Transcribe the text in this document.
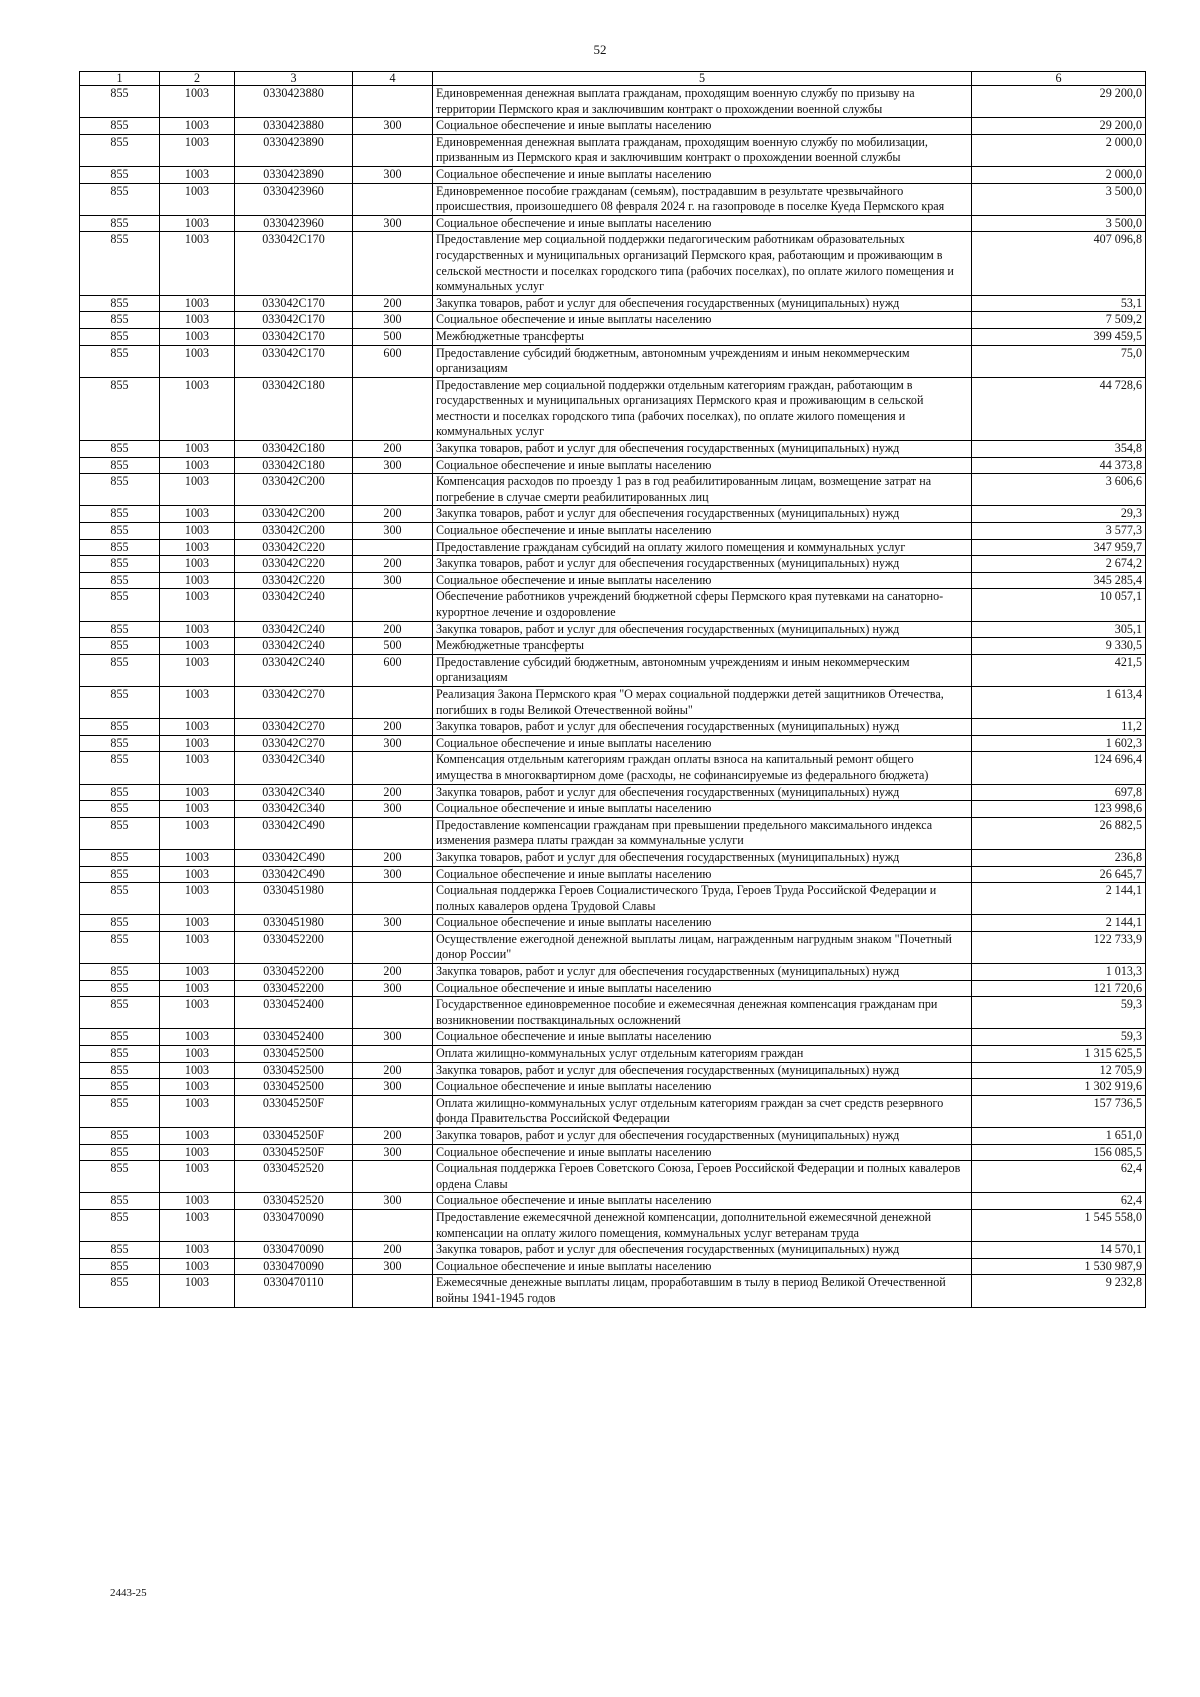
52
1	2	3	4	5	6
855	1003	0330423880		Единовременная денежная выплата гражданам, проходящим военную службу по призыву на территории Пермского края и заключившим контракт о прохождении военной службы	29 200,0
855	1003	0330423880	300	Социальное обеспечение и иные выплаты населению	29 200,0
855	1003	0330423890		Единовременная денежная выплата гражданам, проходящим военную службу по мобилизации, призванным из Пермского края и заключившим контракт о прохождении военной службы	2 000,0
855	1003	0330423890	300	Социальное обеспечение и иные выплаты населению	2 000,0
855	1003	0330423960		Единовременное пособие гражданам (семьям), пострадавшим в результате чрезвычайного происшествия, произошедшего 08 февраля 2024 г. на газопроводе в поселке Куеда Пермского края	3 500,0
855	1003	0330423960	300	Социальное обеспечение и иные выплаты населению	3 500,0
855	1003	033042С170		Предоставление мер социальной поддержки педагогическим работникам образовательных государственных и муниципальных организаций Пермского края, работающим и проживающим в сельской местности и поселках городского типа (рабочих поселках), по оплате жилого помещения и коммунальных услуг	407 096,8
855	1003	033042С170	200	Закупка товаров, работ и услуг для обеспечения государственных (муниципальных) нужд	53,1
855	1003	033042С170	300	Социальное обеспечение и иные выплаты населению	7 509,2
855	1003	033042С170	500	Межбюджетные трансферты	399 459,5
855	1003	033042С170	600	Предоставление субсидий бюджетным, автономным учреждениям и иным некоммерческим организациям	75,0
855	1003	033042С180		Предоставление мер социальной поддержки отдельным категориям граждан, работающим в государственных и муниципальных организациях Пермского края и проживающим в сельской местности и поселках городского типа (рабочих поселках), по оплате жилого помещения и коммунальных услуг	44 728,6
855	1003	033042С180	200	Закупка товаров, работ и услуг для обеспечения государственных (муниципальных) нужд	354,8
855	1003	033042С180	300	Социальное обеспечение и иные выплаты населению	44 373,8
855	1003	033042С200		Компенсация расходов по проезду 1 раз в год реабилитированным лицам, возмещение затрат на погребение в случае смерти реабилитированных лиц	3 606,6
855	1003	033042С200	200	Закупка товаров, работ и услуг для обеспечения государственных (муниципальных) нужд	29,3
855	1003	033042С200	300	Социальное обеспечение и иные выплаты населению	3 577,3
855	1003	033042С220		Предоставление гражданам субсидий на оплату жилого помещения и коммунальных услуг	347 959,7
855	1003	033042С220	200	Закупка товаров, работ и услуг для обеспечения государственных (муниципальных) нужд	2 674,2
855	1003	033042С220	300	Социальное обеспечение и иные выплаты населению	345 285,4
855	1003	033042С240		Обеспечение работников учреждений бюджетной сферы Пермского края путевками на санаторно-курортное лечение и оздоровление	10 057,1
855	1003	033042С240	200	Закупка товаров, работ и услуг для обеспечения государственных (муниципальных) нужд	305,1
855	1003	033042С240	500	Межбюджетные трансферты	9 330,5
855	1003	033042С240	600	Предоставление субсидий бюджетным, автономным учреждениям и иным некоммерческим организациям	421,5
855	1003	033042С270		Реализация Закона Пермского края "О мерах социальной поддержки детей защитников Отечества, погибших в годы Великой Отечественной войны"	1 613,4
855	1003	033042С270	200	Закупка товаров, работ и услуг для обеспечения государственных (муниципальных) нужд	11,2
855	1003	033042С270	300	Социальное обеспечение и иные выплаты населению	1 602,3
855	1003	033042С340		Компенсация отдельным категориям граждан оплаты взноса на капитальный ремонт общего имущества в многоквартирном доме (расходы, не софинансируемые из федерального бюджета)	124 696,4
855	1003	033042С340	200	Закупка товаров, работ и услуг для обеспечения государственных (муниципальных) нужд	697,8
855	1003	033042С340	300	Социальное обеспечение и иные выплаты населению	123 998,6
855	1003	033042С490		Предоставление компенсации гражданам при превышении предельного максимального индекса изменения размера платы граждан за коммунальные услуги	26 882,5
855	1003	033042С490	200	Закупка товаров, работ и услуг для обеспечения государственных (муниципальных) нужд	236,8
855	1003	033042С490	300	Социальное обеспечение и иные выплаты населению	26 645,7
855	1003	0330451980		Социальная поддержка Героев Социалистического Труда, Героев Труда Российской Федерации и полных кавалеров ордена Трудовой Славы	2 144,1
855	1003	0330451980	300	Социальное обеспечение и иные выплаты населению	2 144,1
855	1003	0330452200		Осуществление ежегодной денежной выплаты лицам, награжденным нагрудным знаком "Почетный донор России"	122 733,9
855	1003	0330452200	200	Закупка товаров, работ и услуг для обеспечения государственных (муниципальных) нужд	1 013,3
855	1003	0330452200	300	Социальное обеспечение и иные выплаты населению	121 720,6
855	1003	0330452400		Государственное единовременное пособие и ежемесячная денежная компенсация гражданам при возникновении поствакцинальных осложнений	59,3
855	1003	0330452400	300	Социальное обеспечение и иные выплаты населению	59,3
855	1003	0330452500		Оплата жилищно-коммунальных услуг отдельным категориям граждан	1 315 625,5
855	1003	0330452500	200	Закупка товаров, работ и услуг для обеспечения государственных (муниципальных) нужд	12 705,9
855	1003	0330452500	300	Социальное обеспечение и иные выплаты населению	1 302 919,6
855	1003	033045250F		Оплата жилищно-коммунальных услуг отдельным категориям граждан за счет средств резервного фонда Правительства Российской Федерации	157 736,5
855	1003	033045250F	200	Закупка товаров, работ и услуг для обеспечения государственных (муниципальных) нужд	1 651,0
855	1003	033045250F	300	Социальное обеспечение и иные выплаты населению	156 085,5
855	1003	0330452520		Социальная поддержка Героев Советского Союза, Героев Российской Федерации и полных кавалеров ордена Славы	62,4
855	1003	0330452520	300	Социальное обеспечение и иные выплаты населению	62,4
855	1003	0330470090		Предоставление ежемесячной денежной компенсации, дополнительной ежемесячной денежной компенсации на оплату жилого помещения, коммунальных услуг ветеранам труда	1 545 558,0
855	1003	0330470090	200	Закупка товаров, работ и услуг для обеспечения государственных (муниципальных) нужд	14 570,1
855	1003	0330470090	300	Социальное обеспечение и иные выплаты населению	1 530 987,9
855	1003	0330470110		Ежемесячные денежные выплаты лицам, проработавшим в тылу в период Великой Отечественной войны 1941-1945 годов	9 232,8
2443-25
